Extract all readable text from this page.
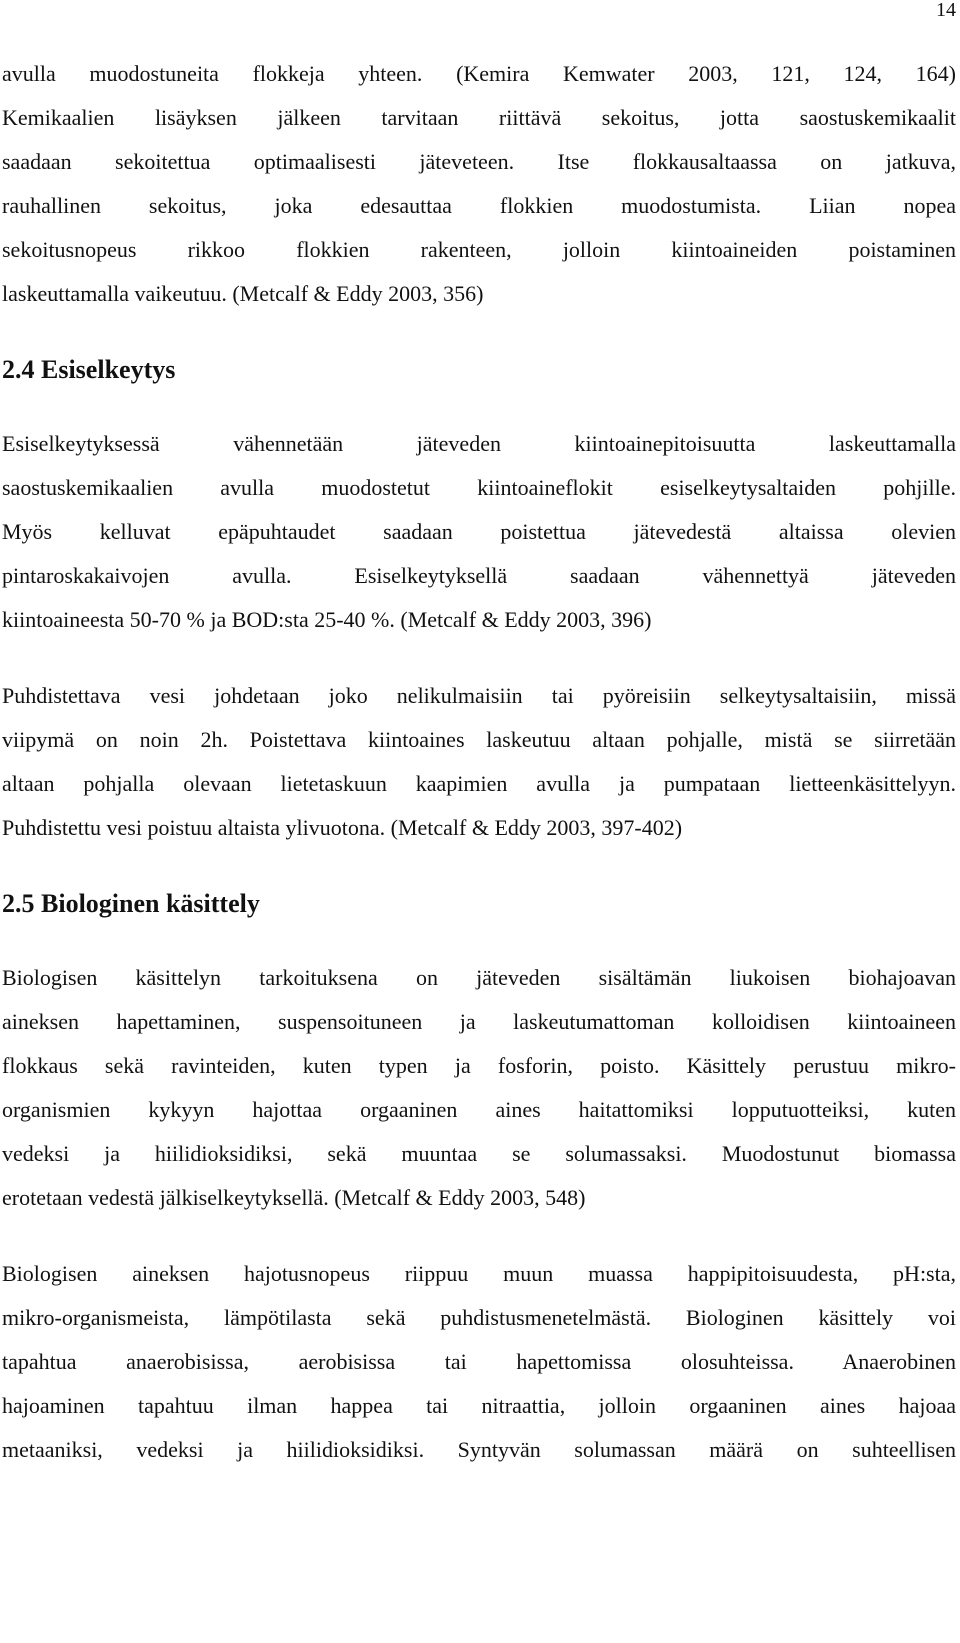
14
avulla muodostuneita flokkeja yhteen. (Kemira Kemwater 2003, 121, 124, 164)
Kemikaalien lisäyksen jälkeen tarvitaan riittävä sekoitus, jotta saostuskemikaalit
saadaan sekoitettua optimaalisesti jäteveteen. Itse flokkausaltaassa on jatkuva,
rauhallinen sekoitus, joka edesauttaa flokkien muodostumista. Liian nopea
sekoitusnopeus rikkoo flokkien rakenteen, jolloin kiintoaineiden poistaminen
laskeuttamalla vaikeutuu. (Metcalf & Eddy 2003, 356)
2.4 Esiselkeytys
Esiselkeytyksessä vähennetään jäteveden kiintoainepitoisuutta laskeuttamalla
saostuskemikaalien avulla muodostetut kiintoaineflokit esiselkeytysaltaiden pohjille.
Myös kelluvat epäpuhtaudet saadaan poistettua jätevedestä altaissa olevien
pintaroskakaivojen avulla. Esiselkeytyksellä saadaan vähennettyä jäteveden
kiintoaineesta 50-70 % ja BOD:sta 25-40 %. (Metcalf & Eddy 2003, 396)
Puhdistettava vesi johdetaan joko nelikulmaisiin tai pyöreisiin selkeytysaltaisiin, missä
viipymä on noin 2h. Poistettava kiintoaines laskeutuu altaan pohjalle, mistä se siirretään
altaan pohjalla olevaan lietetaskuun kaapimien avulla ja pumpataan lietteenkäsittelyyn.
Puhdistettu vesi poistuu altaista ylivuotona. (Metcalf & Eddy 2003, 397-402)
2.5 Biologinen käsittely
Biologisen käsittelyn tarkoituksena on jäteveden sisältämän liukoisen biohajoavan
aineksen hapettaminen, suspensoituneen ja laskeutumattoman kolloidisen kiintoaineen
flokkaus sekä ravinteiden, kuten typen ja fosforin, poisto. Käsittely perustuu mikro-
organismien kykyyn hajottaa orgaaninen aines haitattomiksi lopputuotteiksi, kuten
vedeksi ja hiilidioksidiksi, sekä muuntaa se solumassaksi. Muodostunut biomassa
erotetaan vedestä jälkiselkeytyksellä. (Metcalf & Eddy 2003, 548)
Biologisen aineksen hajotusnopeus riippuu muun muassa happipitoisuudesta, pH:sta,
mikro-organismeista, lämpötilasta sekä puhdistusmenetelmästä. Biologinen käsittely voi
tapahtua anaerobisissa, aerobisissa tai hapettomissa olosuhteissa. Anaerobinen
hajoaminen tapahtuu ilman happea tai nitraattia, jolloin orgaaninen aines hajoaa
metaaniksi, vedeksi ja hiilidioksidiksi. Syntyvän solumassan määrä on suhteellisen
